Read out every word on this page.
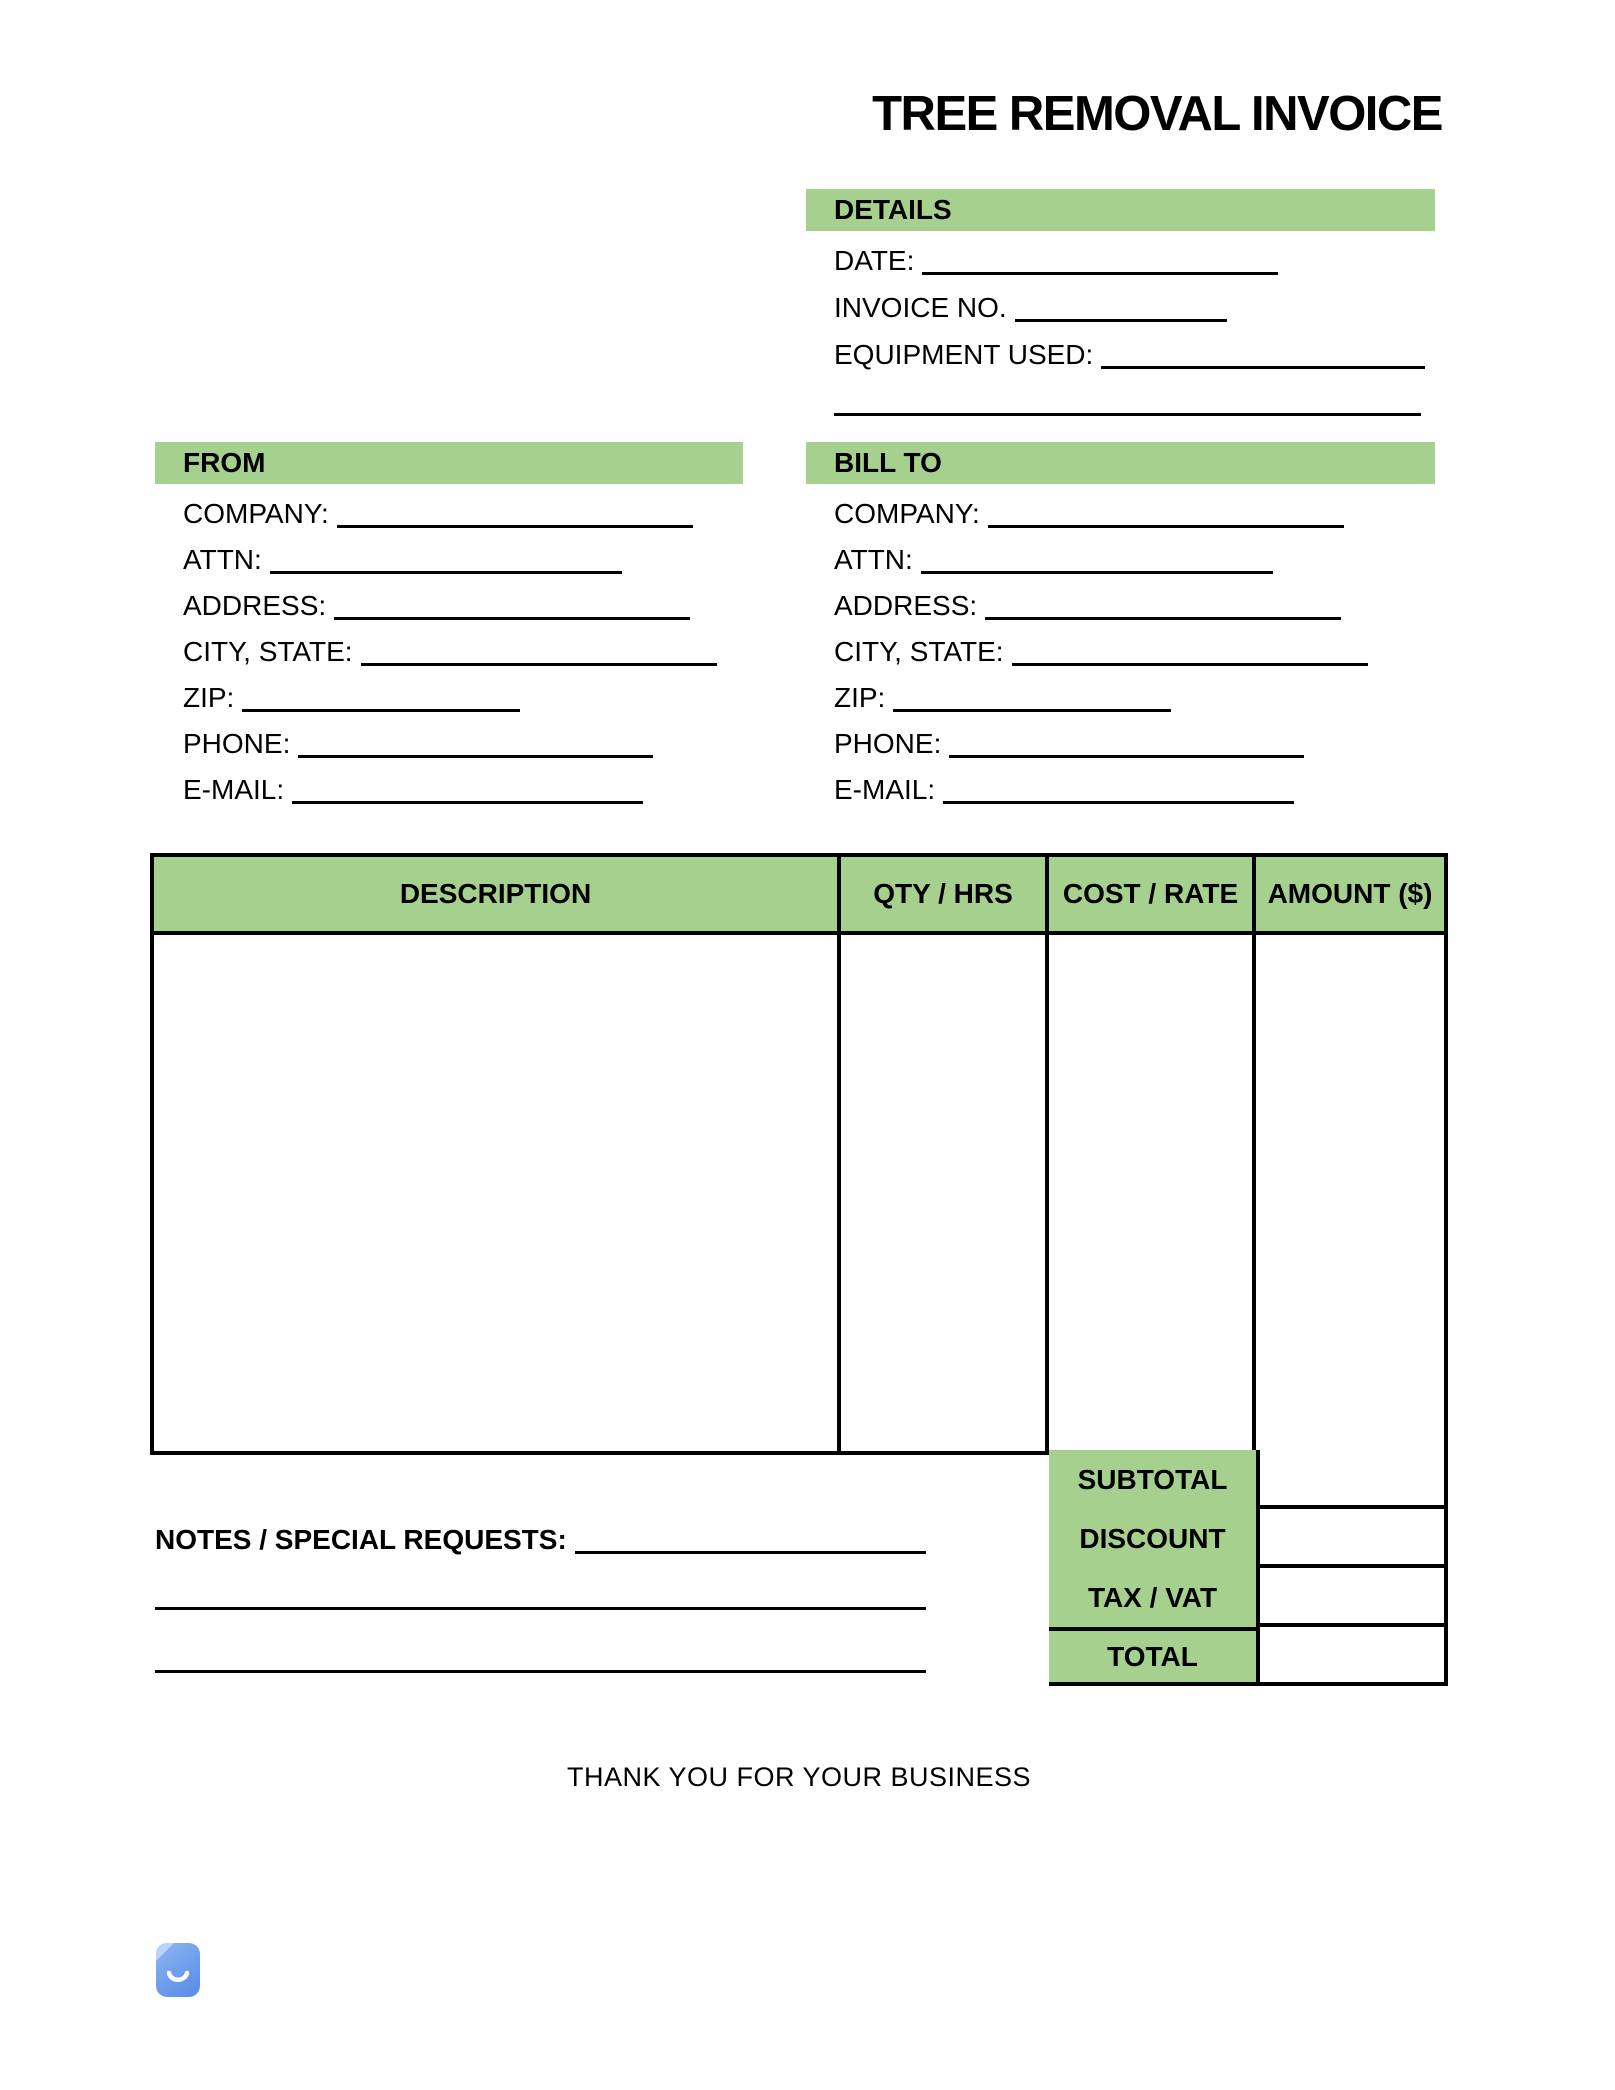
TREE REMOVAL INVOICE
DETAILS
DATE:
INVOICE NO.
EQUIPMENT USED:
FROM
COMPANY:
ATTN:
ADDRESS:
CITY, STATE:
ZIP:
PHONE:
E-MAIL:
BILL TO
COMPANY:
ATTN:
ADDRESS:
CITY, STATE:
ZIP:
PHONE:
E-MAIL:
DESCRIPTION	QTY / HRS	COST / RATE	AMOUNT ($)
SUBTOTAL
DISCOUNT
TAX / VAT
TOTAL
NOTES / SPECIAL REQUESTS:
THANK YOU FOR YOUR BUSINESS
